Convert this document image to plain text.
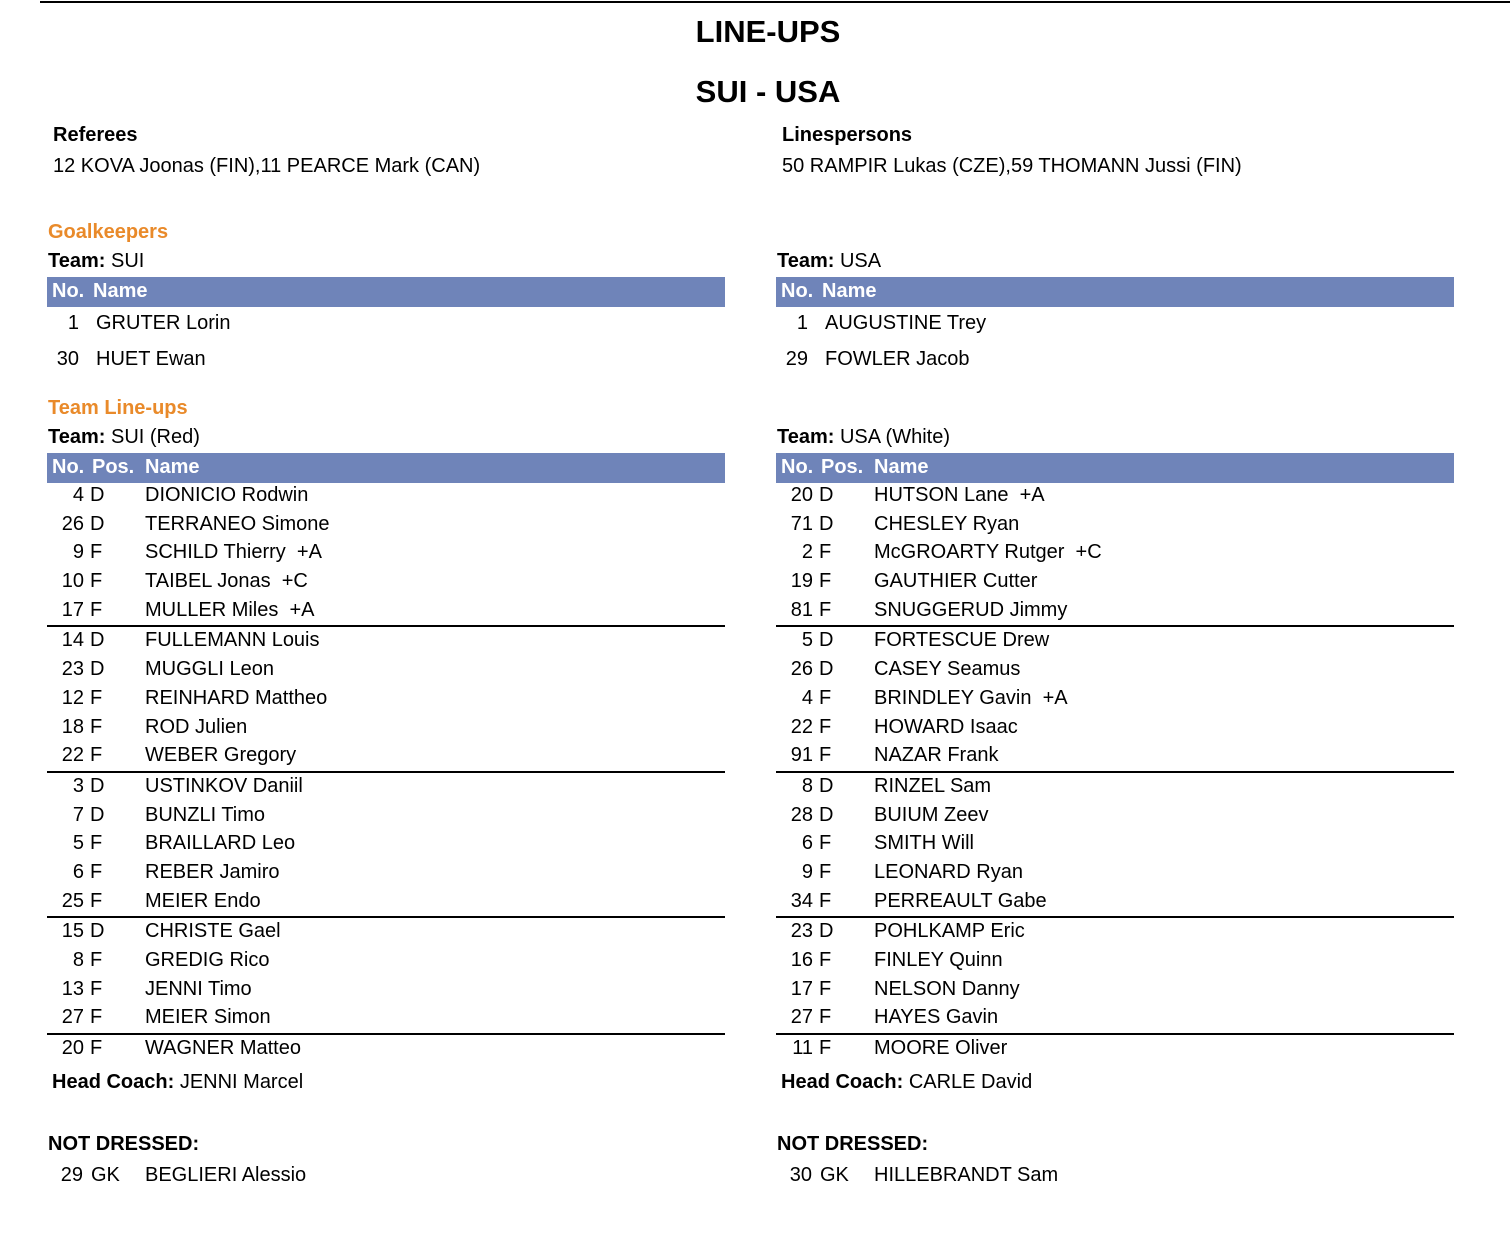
LINE-UPS
SUI - USA
Referees
12 KOVA Joonas (FIN),11 PEARCE Mark (CAN)
Linespersons
50 RAMPIR Lukas (CZE),59 THOMANN Jussi (FIN)
Goalkeepers
Team Line-ups
Team: SUI
No. Name
1 GRUTER Lorin
30 HUET Ewan
Team: SUI (Red)
No. Pos. Name
4 D DIONICIO Rodwin
26 D TERRANEO Simone
9 F SCHILD Thierry  +A
10 F TAIBEL Jonas  +C
17 F MULLER Miles  +A
14 D FULLEMANN Louis
23 D MUGGLI Leon
12 F REINHARD Mattheo
18 F ROD Julien
22 F WEBER Gregory
3 D USTINKOV Daniil
7 D BUNZLI Timo
5 F BRAILLARD Leo
6 F REBER Jamiro
25 F MEIER Endo
15 D CHRISTE Gael
8 F GREDIG Rico
13 F JENNI Timo
27 F MEIER Simon
20 F WAGNER Matteo
Head Coach: JENNI Marcel
NOT DRESSED:
29 GK BEGLIERI Alessio
Team: USA
No. Name
1 AUGUSTINE Trey
29 FOWLER Jacob
Team: USA (White)
No. Pos. Name
20 D HUTSON Lane  +A
71 D CHESLEY Ryan
2 F McGROARTY Rutger  +C
19 F GAUTHIER Cutter
81 F SNUGGERUD Jimmy
5 D FORTESCUE Drew
26 D CASEY Seamus
4 F BRINDLEY Gavin  +A
22 F HOWARD Isaac
91 F NAZAR Frank
8 D RINZEL Sam
28 D BUIUM Zeev
6 F SMITH Will
9 F LEONARD Ryan
34 F PERREAULT Gabe
23 D POHLKAMP Eric
16 F FINLEY Quinn
17 F NELSON Danny
27 F HAYES Gavin
11 F MOORE Oliver
Head Coach: CARLE David
NOT DRESSED:
30 GK HILLEBRANDT Sam
